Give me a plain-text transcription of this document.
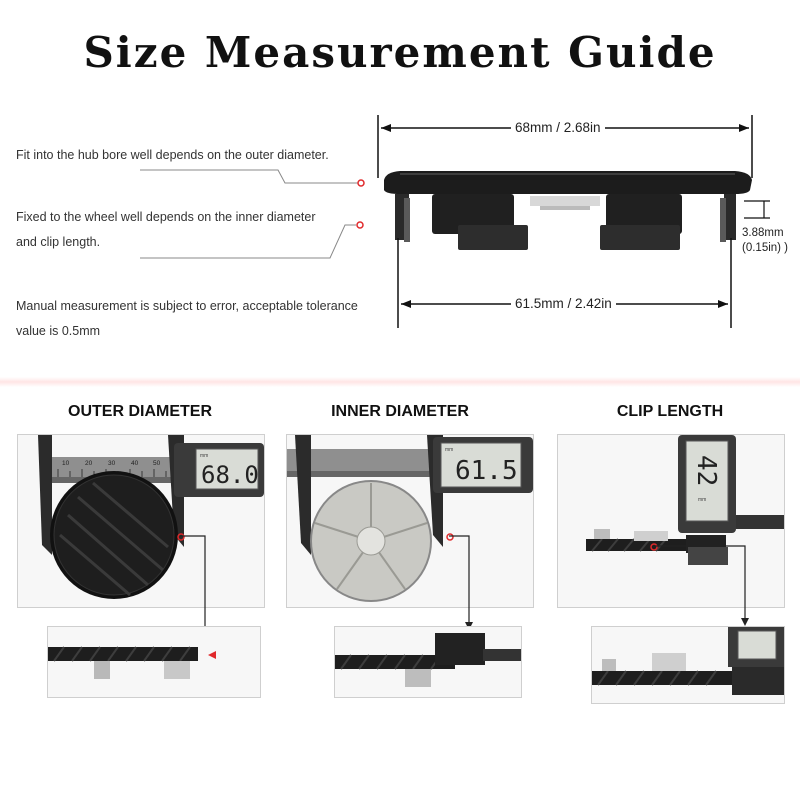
Size Measurement Guide
Fit into the hub bore well depends on the outer diameter.
Fixed to the wheel well depends on the inner diameter
and clip length.
Manual measurement is subject to error, acceptable tolerance
value is 0.5mm
68mm / 2.68in
61.5mm / 2.42in
3.88mm
(0.15in) )
OUTER DIAMETER	INNER DIAMETER	CLIP LENGTH
10 20 30 40 50
mm
68.0
mm
61.5
mm
42
